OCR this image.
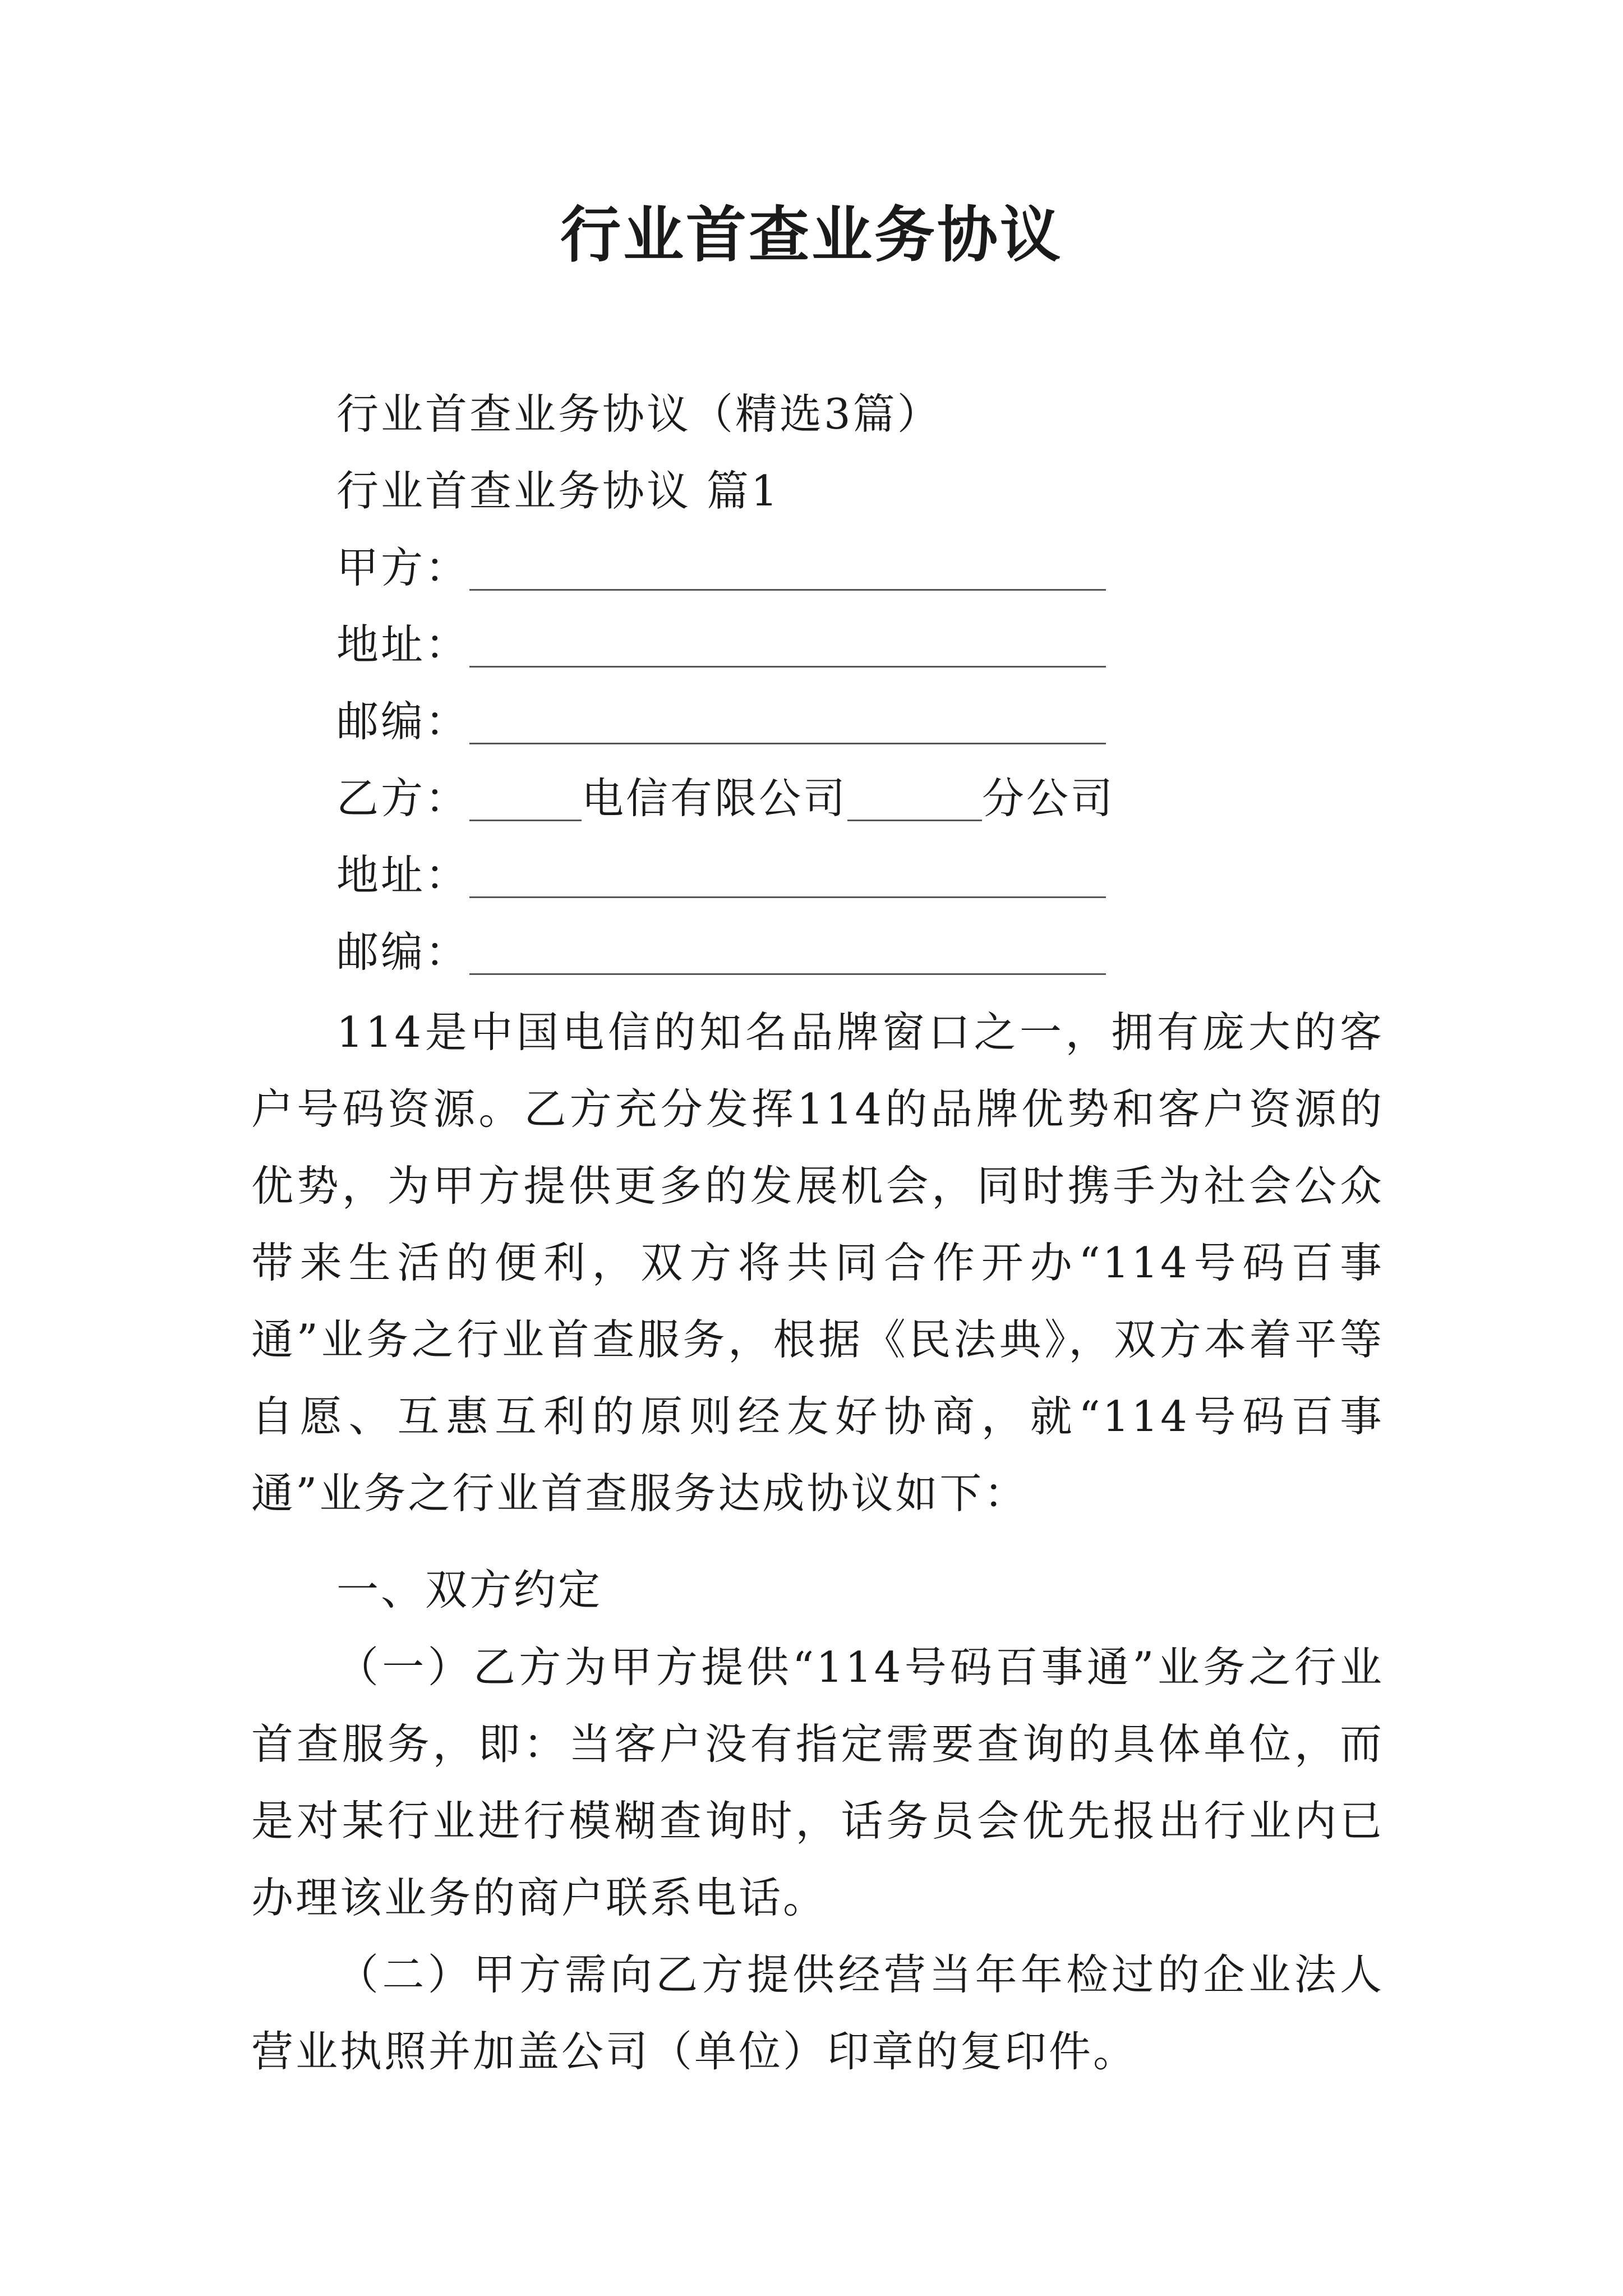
行业首查业务协议
行业首查业务协议（精选3篇）
行业首查业务协议 篇1
甲方：
地址：
邮编：
乙方：	电信有限公司	分公司
地址：
邮编：

114是中国电信的知名品牌窗口之一，拥有庞大的客户号码资源。乙方充分发挥114的品牌优势和客户资源的优势，为甲方提供更多的发展机会，同时携手为社会公众带来生活的便利，双方将共同合作开办“114号码百事通”业务之行业首查服务，根据《民法典》，双方本着平等自愿、互惠互利的原则经友好协商，就“114号码百事通”业务之行业首查服务达成协议如下：

一、双方约定

（一）乙方为甲方提供“114号码百事通”业务之行业首查服务，即：当客户没有指定需要查询的具体单位，而是对某行业进行模糊查询时，话务员会优先报出行业内已办理该业务的商户联系电话。

（二）甲方需向乙方提供经营当年年检过的企业法人营业执照并加盖公司（单位）印章的复印件。
